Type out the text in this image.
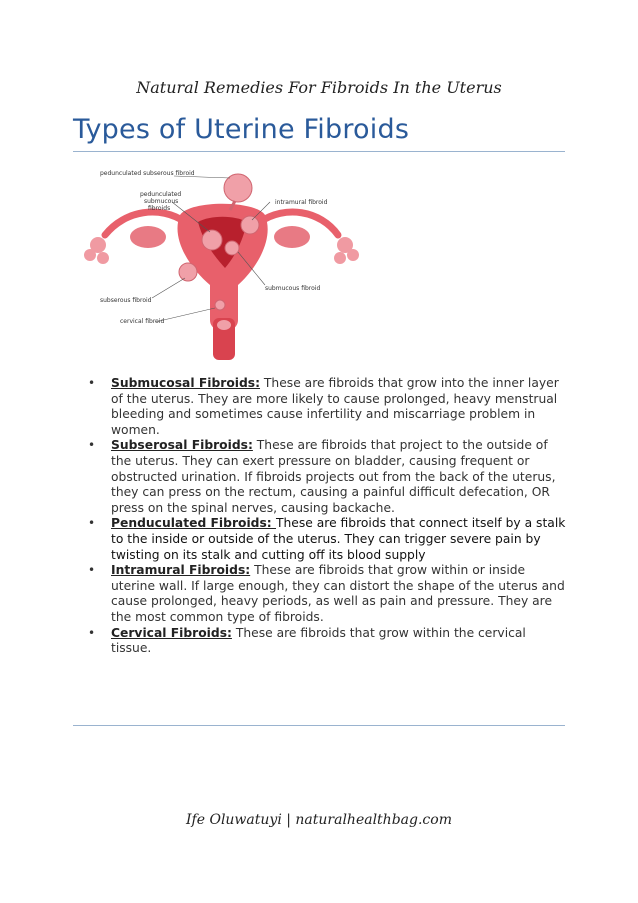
Natural Remedies For Fibroids In the Uterus
Types of Uterine Fibroids
pedunculated subserous fibroid
pedunculated
submucous
fibroids
intramural fibroid
submucous fibroid
subserous fibroid
cervical fibroid
• Submucosal Fibroids: These are fibroids that grow into the inner layer of the uterus. They are more likely to cause prolonged, heavy menstrual bleeding and sometimes cause infertility and miscarriage problem in women.
• Subserosal Fibroids: These are fibroids that project to the outside of the uterus. They can exert pressure on bladder, causing frequent or obstructed urination. If fibroids projects out from the back of the uterus, they can press on the rectum, causing a painful difficult defecation, OR press on the spinal nerves, causing backache.
• Penduculated Fibroids: These are fibroids that connect itself by a stalk to the inside or outside of the uterus. They can trigger severe pain by twisting on its stalk and cutting off its blood supply
• Intramural Fibroids: These are fibroids that grow within or inside uterine wall. If large enough, they can distort the shape of the uterus and cause prolonged, heavy periods, as well as pain and pressure. They are the most common type of fibroids.
• Cervical Fibroids: These are fibroids that grow within the cervical tissue.
Ife Oluwatuyi | naturalhealthbag.com
